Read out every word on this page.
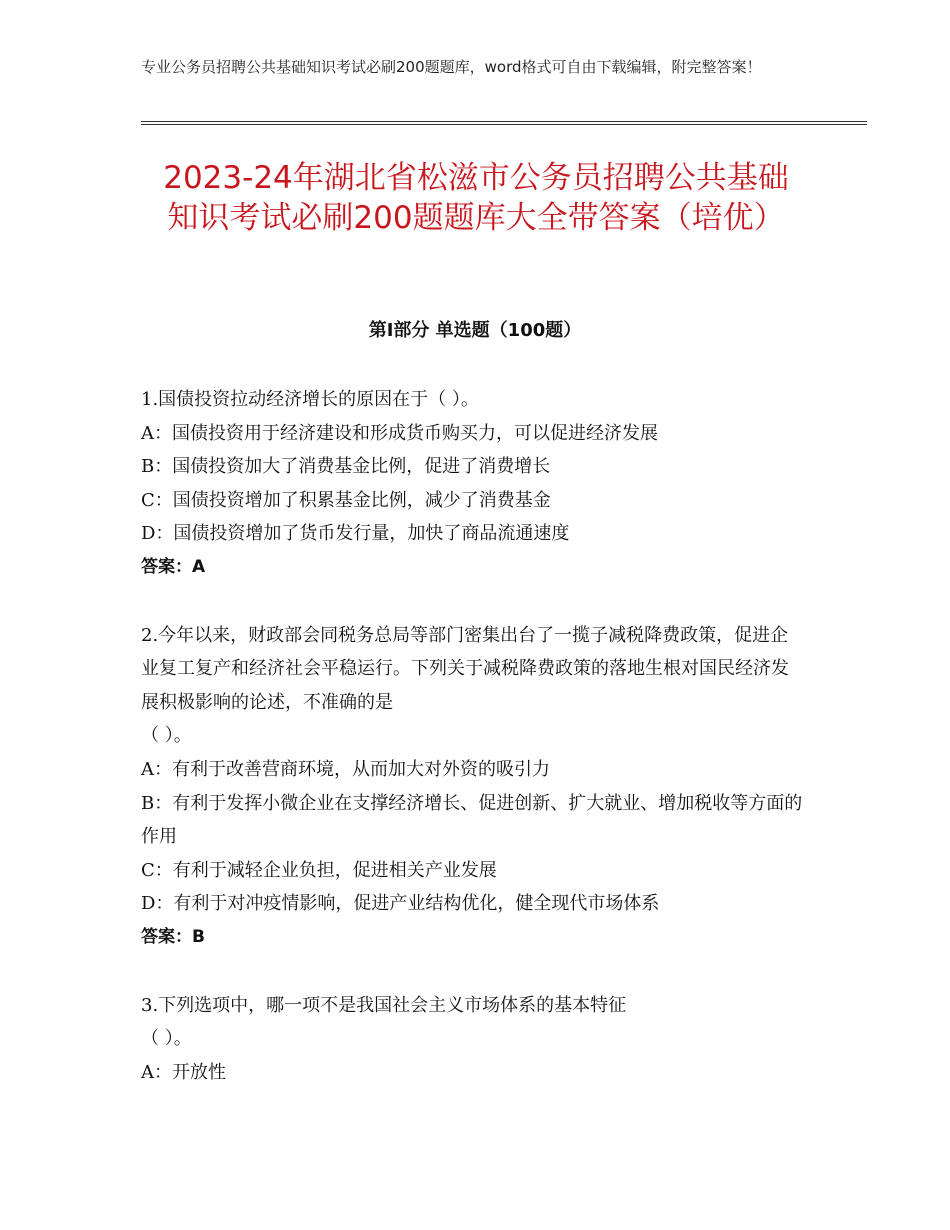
专业公务员招聘公共基础知识考试必刷200题题库，word格式可自由下载编辑，附完整答案！
2023-24年湖北省松滋市公务员招聘公共基础知识考试必刷200题题库大全带答案（培优）
第Ⅰ部分 单选题（100题）
1.国债投资拉动经济增长的原因在于（ ）。
A：国债投资用于经济建设和形成货币购买力，可以促进经济发展
B：国债投资加大了消费基金比例，促进了消费增长
C：国债投资增加了积累基金比例，减少了消费基金
D：国债投资增加了货币发行量，加快了商品流通速度
答案：A
2.今年以来，财政部会同税务总局等部门密集出台了一揽子减税降费政策，促进企业复工复产和经济社会平稳运行。下列关于减税降费政策的落地生根对国民经济发展积极影响的论述，不准确的是
（ ）。
A：有利于改善营商环境，从而加大对外资的吸引力
B：有利于发挥小微企业在支撑经济增长、促进创新、扩大就业、增加税收等方面的作用
C：有利于减轻企业负担，促进相关产业发展
D：有利于对冲疫情影响，促进产业结构优化，健全现代市场体系
答案：B
3.下列选项中，哪一项不是我国社会主义市场体系的基本特征
（ ）。
A：开放性
